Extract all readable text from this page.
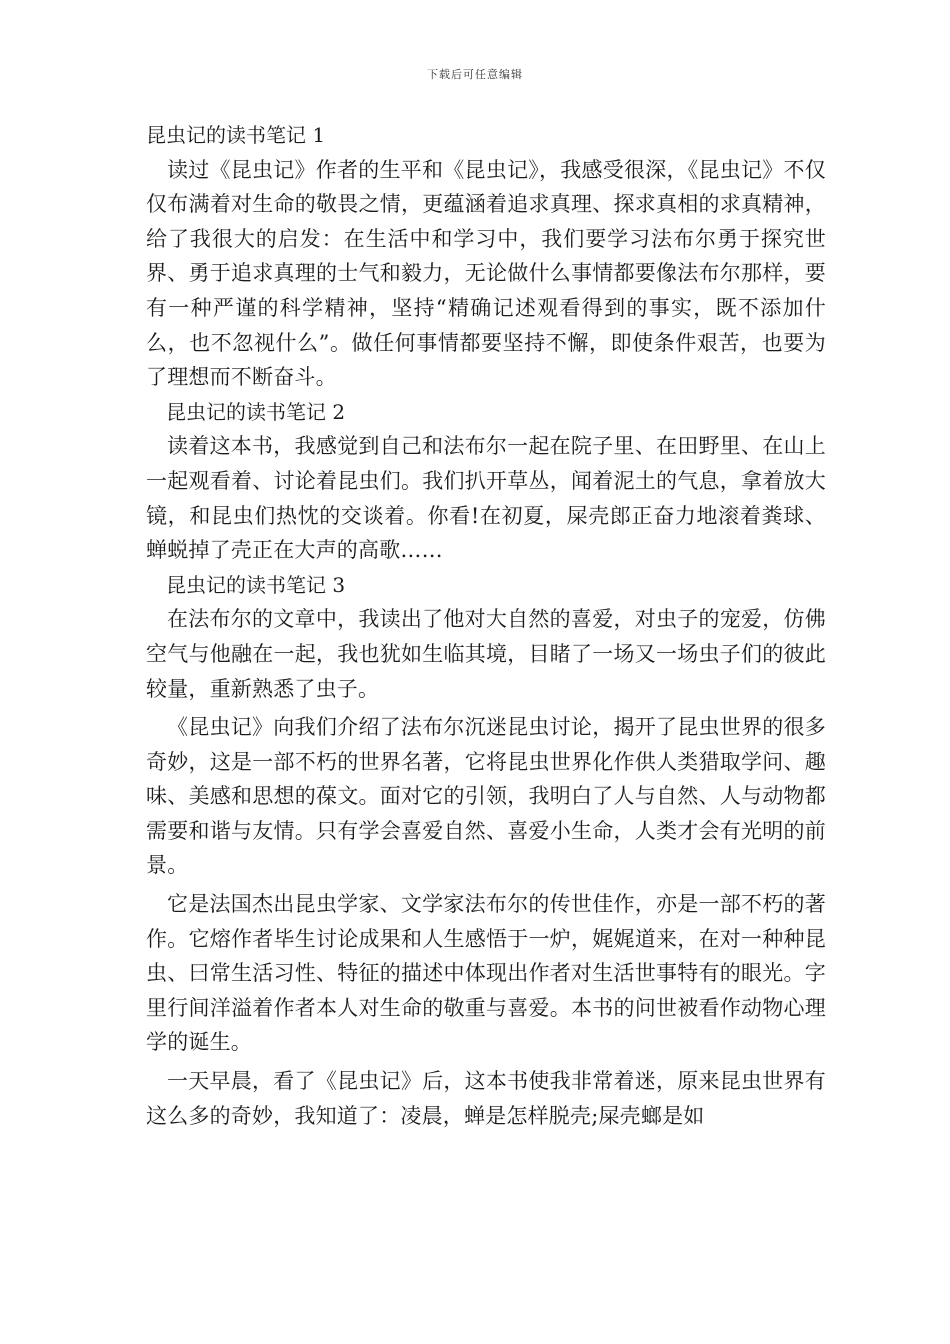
下载后可任意编辑
昆虫记的读书笔记 1

读过《昆虫记》作者的生平和《昆虫记》，我感受很深，《昆虫记》不仅仅布满着对生命的敬畏之情，更蕴涵着追求真理、探求真相的求真精神，给了我很大的启发：在生活中和学习中，我们要学习法布尔勇于探究世界、勇于追求真理的士气和毅力，无论做什么事情都要像法布尔那样，要有一种严谨的科学精神，坚持“精确记述观看得到的事实，既不添加什么，也不忽视什么”。做任何事情都要坚持不懈，即使条件艰苦，也要为了理想而不断奋斗。

昆虫记的读书笔记 2

读着这本书，我感觉到自己和法布尔一起在院子里、在田野里、在山上一起观看着、讨论着昆虫们。我们扒开草丛，闻着泥土的气息，拿着放大镜，和昆虫们热忱的交谈着。你看!在初夏，屎壳郎正奋力地滚着粪球、蝉蜕掉了壳正在大声的高歌……

昆虫记的读书笔记 3

在法布尔的文章中，我读出了他对大自然的喜爱，对虫子的宠爱，仿佛空气与他融在一起，我也犹如生临其境，目睹了一场又一场虫子们的彼此较量，重新熟悉了虫子。

《昆虫记》向我们介绍了法布尔沉迷昆虫讨论，揭开了昆虫世界的很多奇妙，这是一部不朽的世界名著，它将昆虫世界化作供人类猎取学问、趣味、美感和思想的葆文。面对它的引领，我明白了人与自然、人与动物都需要和谐与友情。只有学会喜爱自然、喜爱小生命，人类才会有光明的前景。

它是法国杰出昆虫学家、文学家法布尔的传世佳作，亦是一部不朽的著作。它熔作者毕生讨论成果和人生感悟于一炉，娓娓道来，在对一种种昆虫、曰常生活习性、特征的描述中体现出作者对生活世事特有的眼光。字里行间洋溢着作者本人对生命的敬重与喜爱。本书的问世被看作动物心理学的诞生。

一天早晨，看了《昆虫记》后，这本书使我非常着迷，原来昆虫世界有这么多的奇妙，我知道了：凌晨，蝉是怎样脱壳;屎壳螂是如
